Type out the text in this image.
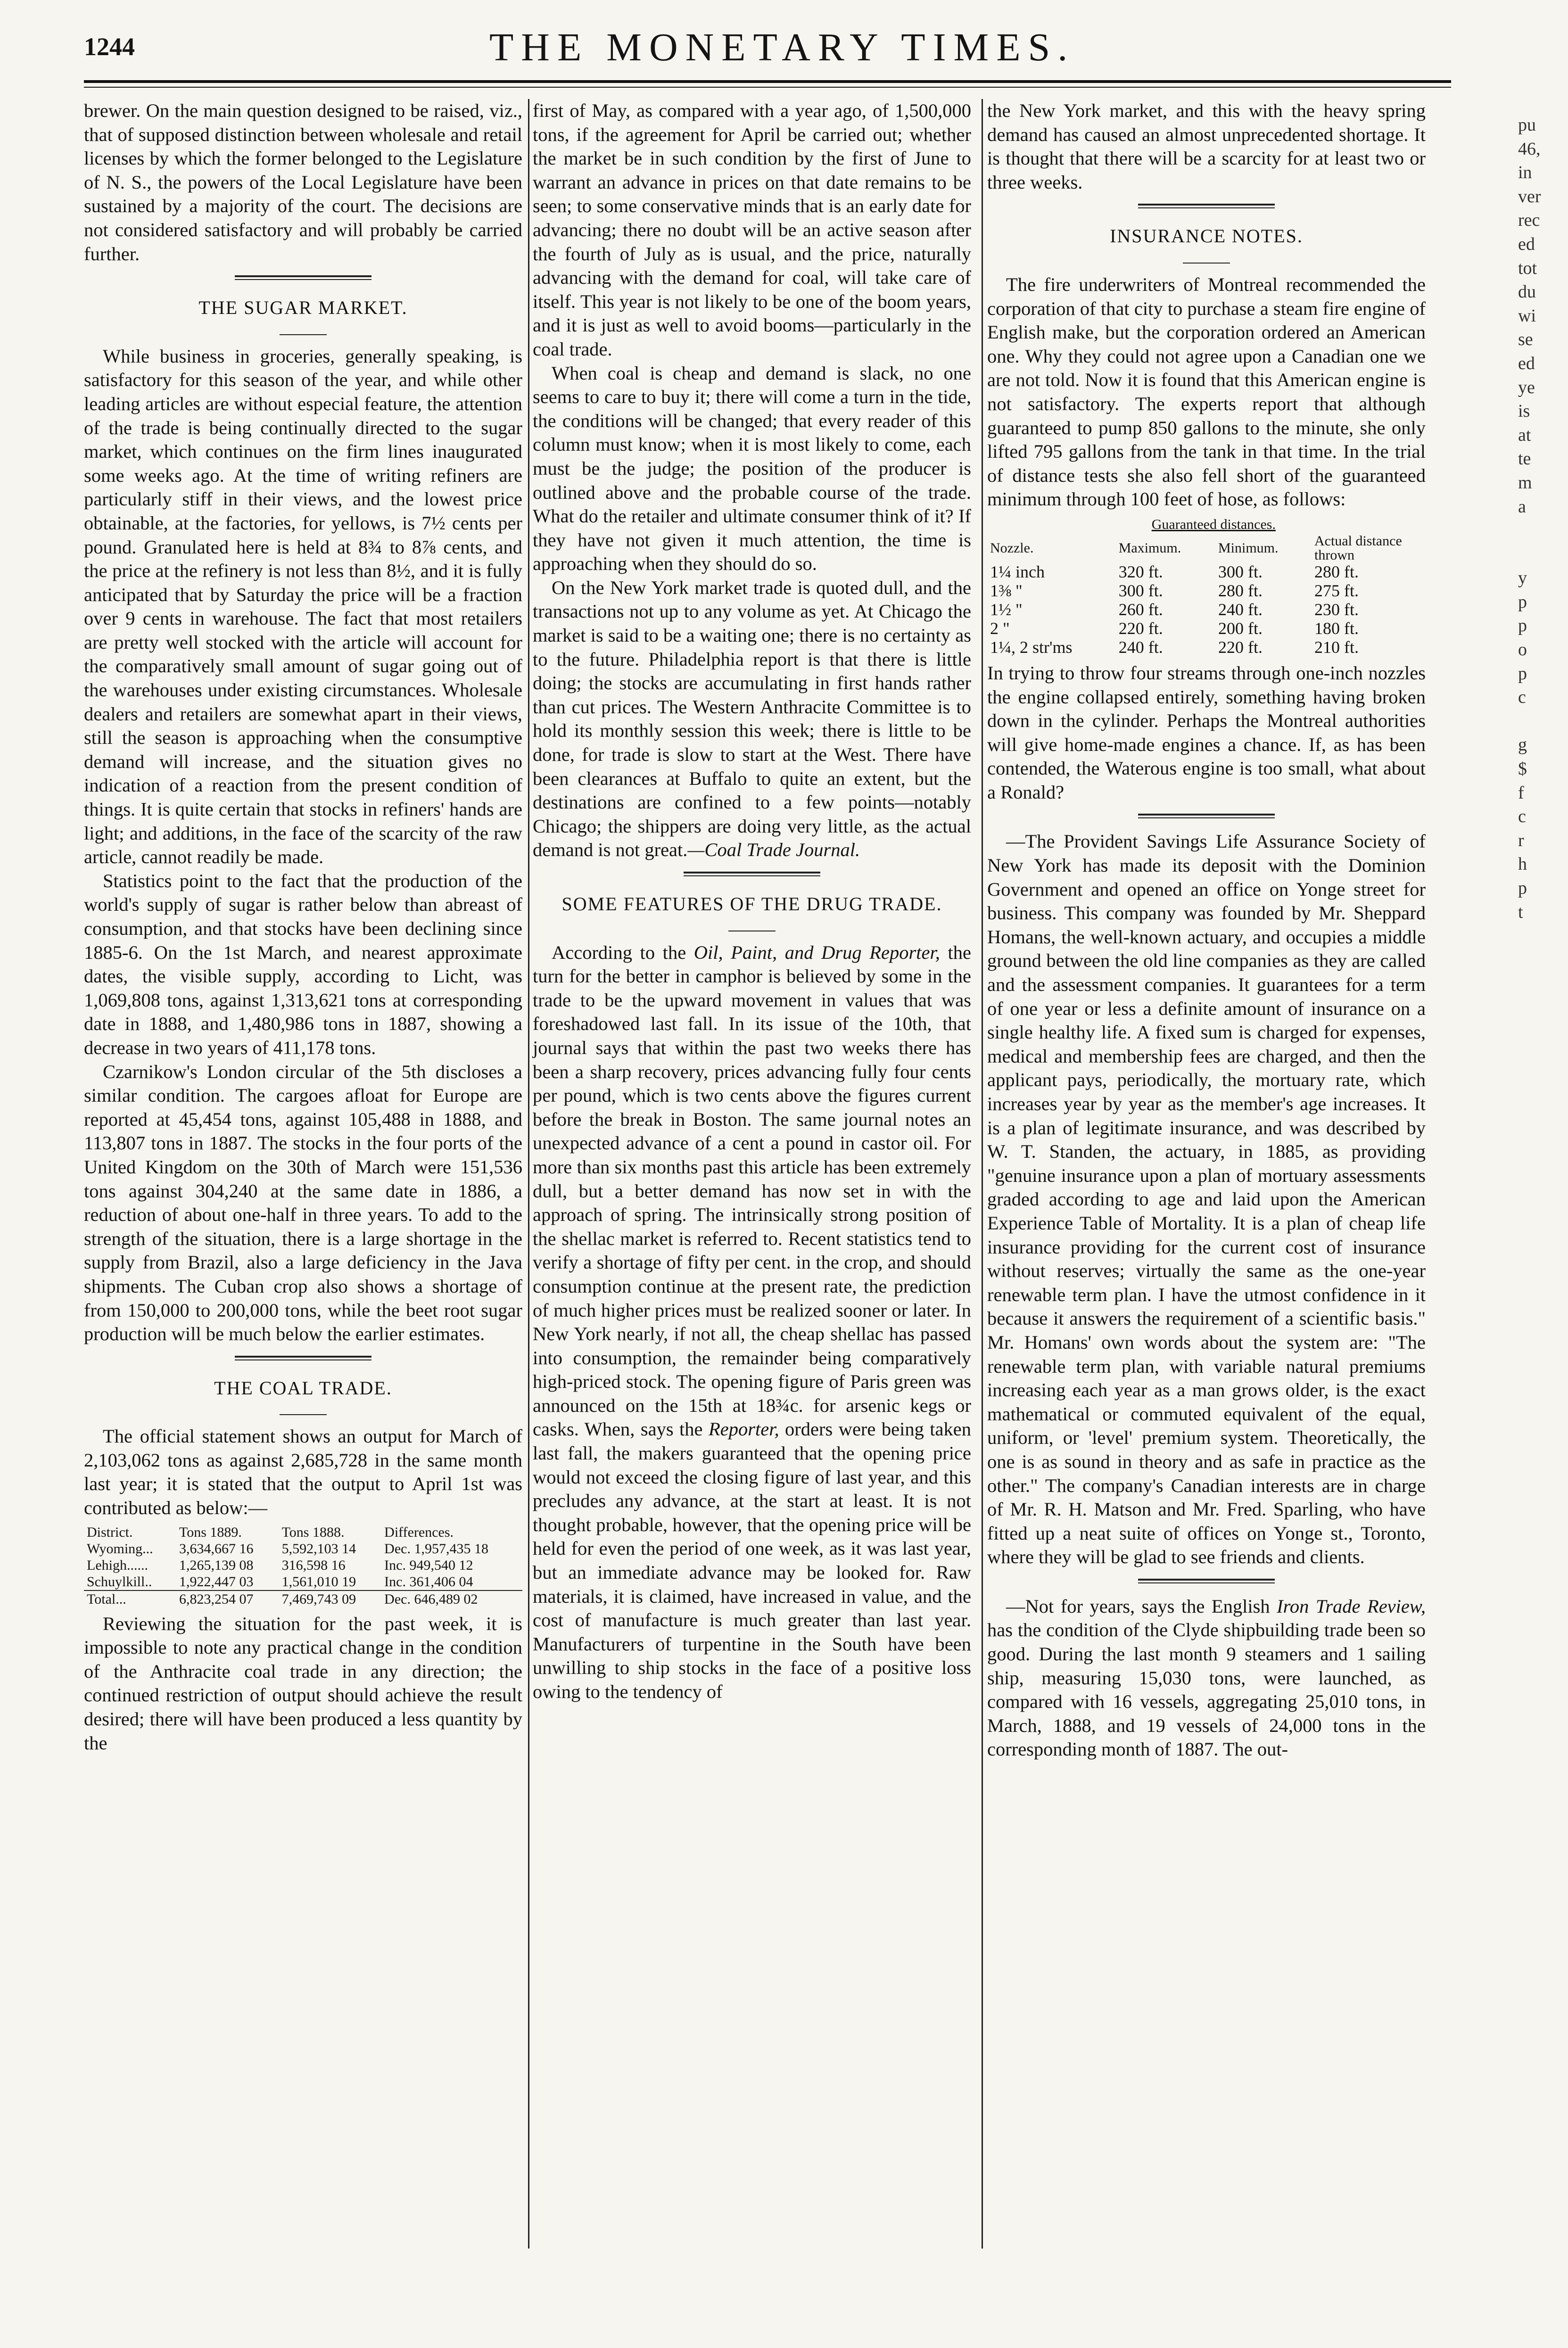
1244	THE MONETARY TIMES.

brewer. On the main question designed to be raised, viz., that of supposed distinction between wholesale and retail licenses by which the former belonged to the Legislature of N. S., the powers of the Local Legislature have been sustained by a majority of the court. The decisions are not considered satisfactory and will probably be carried further.

THE SUGAR MARKET.

While business in groceries, generally speaking, is satisfactory for this season of the year, and while other leading articles are without especial feature, the attention of the trade is being continually directed to the sugar market, which continues on the firm lines inaugurated some weeks ago. At the time of writing refiners are particularly stiff in their views, and the lowest price obtainable, at the factories, for yellows, is 7½ cents per pound. Granulated here is held at 8¾ to 8⅞ cents, and the price at the refinery is not less than 8½, and it is fully anticipated that by Saturday the price will be a fraction over 9 cents in warehouse. The fact that most retailers are pretty well stocked with the article will account for the comparatively small amount of sugar going out of the warehouses under existing circumstances. Wholesale dealers and retailers are somewhat apart in their views, still the season is approaching when the consumptive demand will increase, and the situation gives no indication of a reaction from the present condition of things. It is quite certain that stocks in refiners' hands are light; and additions, in the face of the scarcity of the raw article, cannot readily be made.

Statistics point to the fact that the production of the world's supply of sugar is rather below than abreast of consumption, and that stocks have been declining since 1885-6. On the 1st March, and nearest approximate dates, the visible supply, according to Licht, was 1,069,808 tons, against 1,313,621 tons at corresponding date in 1888, and 1,480,986 tons in 1887, showing a decrease in two years of 411,178 tons.

Czarnikow's London circular of the 5th discloses a similar condition. The cargoes afloat for Europe are reported at 45,454 tons, against 105,488 in 1888, and 113,807 tons in 1887. The stocks in the four ports of the United Kingdom on the 30th of March were 151,536 tons against 304,240 at the same date in 1886, a reduction of about one-half in three years. To add to the strength of the situation, there is a large shortage in the supply from Brazil, also a large deficiency in the Java shipments. The Cuban crop also shows a shortage of from 150,000 to 200,000 tons, while the beet root sugar production will be much below the earlier estimates.

THE COAL TRADE.

The official statement shows an output for March of 2,103,062 tons as against 2,685,728 in the same month last year; it is stated that the output to April 1st was contributed as below:—

District.	Tons 1889.	Tons 1888.	Differences.
Wyoming...	3,634,667 16	5,592,103 14	Dec. 1,957,435 18
Lehigh......	1,265,139 08	316,598 16	Inc. 949,540 12
Schuylkill..	1,922,447 03	1,561,010 19	Inc. 361,406 04
Total...	6,823,254 07	7,469,743 09	Dec. 646,489 02

Reviewing the situation for the past week, it is impossible to note any practical change in the condition of the Anthracite coal trade in any direction; the continued restriction of output should achieve the result desired; there will have been produced a less quantity by the

first of May, as compared with a year ago, of 1,500,000 tons, if the agreement for April be carried out; whether the market be in such condition by the first of June to warrant an advance in prices on that date remains to be seen; to some conservative minds that is an early date for advancing; there no doubt will be an active season after the fourth of July as is usual, and the price, naturally advancing with the demand for coal, will take care of itself. This year is not likely to be one of the boom years, and it is just as well to avoid booms—particularly in the coal trade.

When coal is cheap and demand is slack, no one seems to care to buy it; there will come a turn in the tide, the conditions will be changed; that every reader of this column must know; when it is most likely to come, each must be the judge; the position of the producer is outlined above and the probable course of the trade. What do the retailer and ultimate consumer think of it? If they have not given it much attention, the time is approaching when they should do so.

On the New York market trade is quoted dull, and the transactions not up to any volume as yet. At Chicago the market is said to be a waiting one; there is no certainty as to the future. Philadelphia report is that there is little doing; the stocks are accumulating in first hands rather than cut prices. The Western Anthracite Committee is to hold its monthly session this week; there is little to be done, for trade is slow to start at the West. There have been clearances at Buffalo to quite an extent, but the destinations are confined to a few points—notably Chicago; the shippers are doing very little, as the actual demand is not great.—Coal Trade Journal.

SOME FEATURES OF THE DRUG TRADE.

According to the Oil, Paint, and Drug Reporter, the turn for the better in camphor is believed by some in the trade to be the upward movement in values that was foreshadowed last fall. In its issue of the 10th, that journal says that within the past two weeks there has been a sharp recovery, prices advancing fully four cents per pound, which is two cents above the figures current before the break in Boston. The same journal notes an unexpected advance of a cent a pound in castor oil. For more than six months past this article has been extremely dull, but a better demand has now set in with the approach of spring. The intrinsically strong position of the shellac market is referred to. Recent statistics tend to verify a shortage of fifty per cent. in the crop, and should consumption continue at the present rate, the prediction of much higher prices must be realized sooner or later. In New York nearly, if not all, the cheap shellac has passed into consumption, the remainder being comparatively high-priced stock. The opening figure of Paris green was announced on the 15th at 18¾c. for arsenic kegs or casks. When, says the Reporter, orders were being taken last fall, the makers guaranteed that the opening price would not exceed the closing figure of last year, and this precludes any advance, at the start at least. It is not thought probable, however, that the opening price will be held for even the period of one week, as it was last year, but an immediate advance may be looked for. Raw materials, it is claimed, have increased in value, and the cost of manufacture is much greater than last year. Manufacturers of turpentine in the South have been unwilling to ship stocks in the face of a positive loss owing to the tendency of

the New York market, and this with the heavy spring demand has caused an almost unprecedented shortage. It is thought that there will be a scarcity for at least two or three weeks.

INSURANCE NOTES.

The fire underwriters of Montreal recommended the corporation of that city to purchase a steam fire engine of English make, but the corporation ordered an American one. Why they could not agree upon a Canadian one we are not told. Now it is found that this American engine is not satisfactory. The experts report that although guaranteed to pump 850 gallons to the minute, she only lifted 795 gallons from the tank in that time. In the trial of distance tests she also fell short of the guaranteed minimum through 100 feet of hose, as follows:

	Guaranteed distances.		
Nozzle.	Maximum.	Minimum.	Actual distance thrown
1¼ inch	320 ft.	300 ft.	280 ft.
1⅜ "	300 ft.	280 ft.	275 ft.
1½ "	260 ft.	240 ft.	230 ft.
2 "	220 ft.	200 ft.	180 ft.
1¼, 2 str'ms	240 ft.	220 ft.	210 ft.

In trying to throw four streams through one-inch nozzles the engine collapsed entirely, something having broken down in the cylinder. Perhaps the Montreal authorities will give home-made engines a chance. If, as has been contended, the Waterous engine is too small, what about a Ronald?

—The Provident Savings Life Assurance Society of New York has made its deposit with the Dominion Government and opened an office on Yonge street for business. This company was founded by Mr. Sheppard Homans, the well-known actuary, and occupies a middle ground between the old line companies as they are called and the assessment companies. It guarantees for a term of one year or less a definite amount of insurance on a single healthy life. A fixed sum is charged for expenses, medical and membership fees are charged, and then the applicant pays, periodically, the mortuary rate, which increases year by year as the member's age increases. It is a plan of legitimate insurance, and was described by W. T. Standen, the actuary, in 1885, as providing "genuine insurance upon a plan of mortuary assessments graded according to age and laid upon the American Experience Table of Mortality. It is a plan of cheap life insurance providing for the current cost of insurance without reserves; virtually the same as the one-year renewable term plan. I have the utmost confidence in it because it answers the requirement of a scientific basis." Mr. Homans' own words about the system are: "The renewable term plan, with variable natural premiums increasing each year as a man grows older, is the exact mathematical or commuted equivalent of the equal, uniform, or 'level' premium system. Theoretically, the one is as sound in theory and as safe in practice as the other." The company's Canadian interests are in charge of Mr. R. H. Matson and Mr. Fred. Sparling, who have fitted up a neat suite of offices on Yonge st., Toronto, where they will be glad to see friends and clients.

—Not for years, says the English Iron Trade Review, has the condition of the Clyde shipbuilding trade been so good. During the last month 9 steamers and 1 sailing ship, measuring 15,030 tons, were launched, as compared with 16 vessels, aggregating 25,010 tons, in March, 1888, and 19 vessels of 24,000 tons in the corresponding month of 1887. The out-

pu
46,
in
ver
rec
ed
tot
du
wi
se
ed
ye
is
at
te
m
a

y
p
p
o
p
c

g
$
f
c
r
h
p
t
